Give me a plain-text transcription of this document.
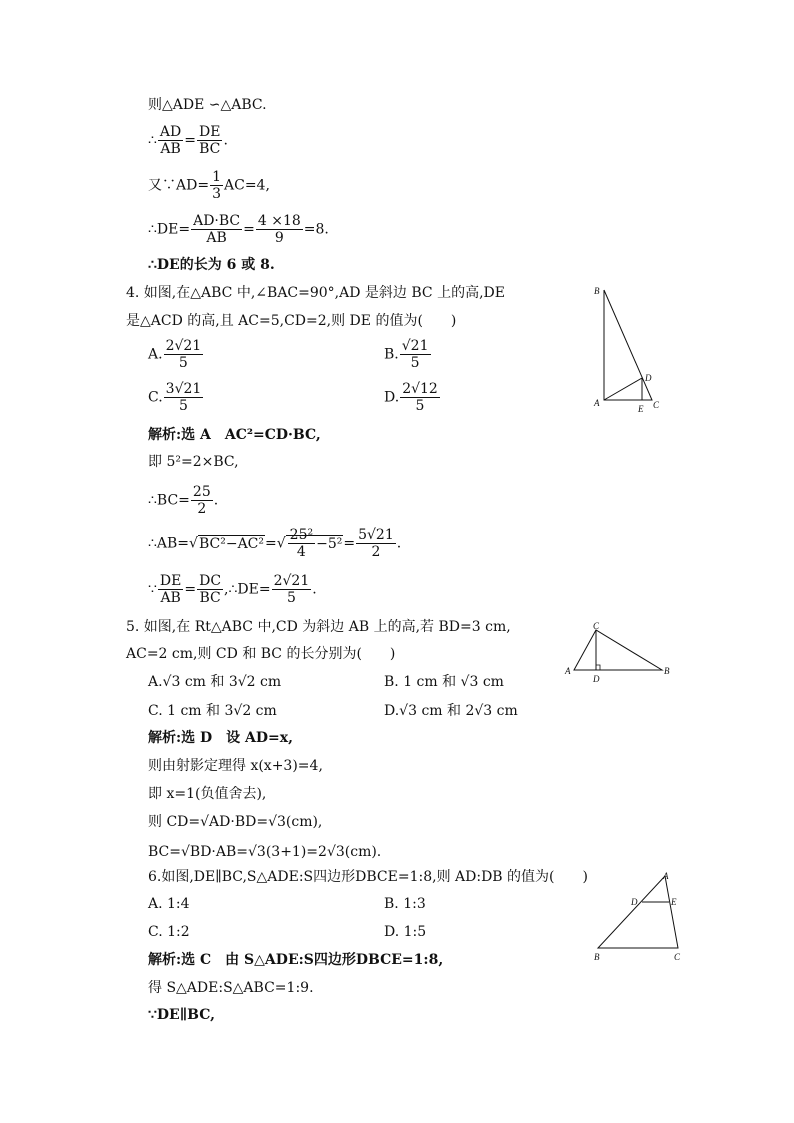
则△ADE ∽△ABC.
∴ $\frac{AD}{AB} = \frac{DE}{BC}$ .
又∵AD= $\frac{1}{3} AC=4$,
∴DE= $\frac{AD\cdot BC}{AB} = \frac{4 \times 18}{9} =8$.
∴DE的长为 6 或 8.
4. 如图,在△ABC 中,∠BAC=90°,AD 是斜边 BC 上的高,DE
是△ACD 的高,且 AC=5,CD=2,则 DE 的值为(　　)
A. $\frac{2√21}{5}$	B. $\frac{√21}{5}$
C. $\frac{3√21}{5}$	D. $\frac{2√12}{5}$
解析:选 A　AC²=CD·BC,
即 5²=2×BC,
∴BC= $\frac{25}{2}$ .
∴AB=√BC²−AC²=√ $\frac{\text{25²}}{4} -5^2= \frac{5√21}{2}$ .
∵ $\frac{DE}{AB} = \frac{DC}{BC}$ ,∴DE= $\frac{2√21}{5}$ .
B
D
A
E C
5. 如图,在 Rt△ABC 中,CD 为斜边 AB 上的高,若 BD=3 cm,
AC=2 cm,则 CD 和 BC 的长分别为(　　)
A.√3 cm 和 3√2 cm	B. 1 cm 和 √3 cm
C. 1 cm 和 3√2 cm	D.√3 cm 和 2√3 cm
解析:选 D　设 AD=x,
则由射影定理得 x(x+3)=4,
即 x=1(负值舍去),
则 CD=√AD·BD=√3(cm),
BC=√BD·AB=√3(3+1)=2√3(cm).
C
A
D
B
6.如图,DE∥BC,S△ADE:S四边形DBCE=1:8,则 AD:DB 的值为(　　)
A. 1:4	B. 1:3
C. 1:2	D. 1:5
解析:选 C　由 S△ADE:S四边形DBCE=1:8,
得 S△ADE:S△ABC=1:9.
∵DE∥BC,
A
D	E
B	C
